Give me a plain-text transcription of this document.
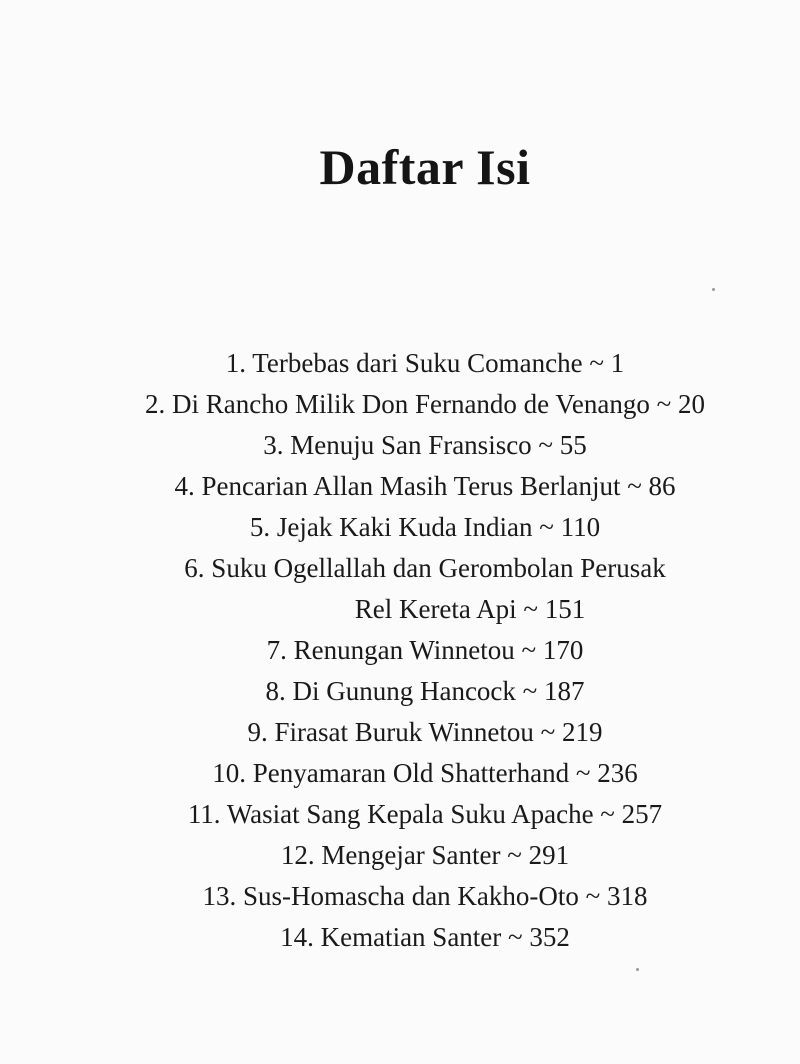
Daftar Isi
1. Terbebas dari Suku Comanche ~ 1
2. Di Rancho Milik Don Fernando de Venango ~ 20
3. Menuju San Fransisco ~ 55
4. Pencarian Allan Masih Terus Berlanjut ~ 86
5. Jejak Kaki Kuda Indian ~ 110
6. Suku Ogellallah dan Gerombolan Perusak
Rel Kereta Api ~ 151
7. Renungan Winnetou ~ 170
8. Di Gunung Hancock ~ 187
9. Firasat Buruk Winnetou ~ 219
10. Penyamaran Old Shatterhand ~ 236
11. Wasiat Sang Kepala Suku Apache ~ 257
12. Mengejar Santer ~ 291
13. Sus-Homascha dan Kakho-Oto ~ 318
14. Kematian Santer ~ 352
